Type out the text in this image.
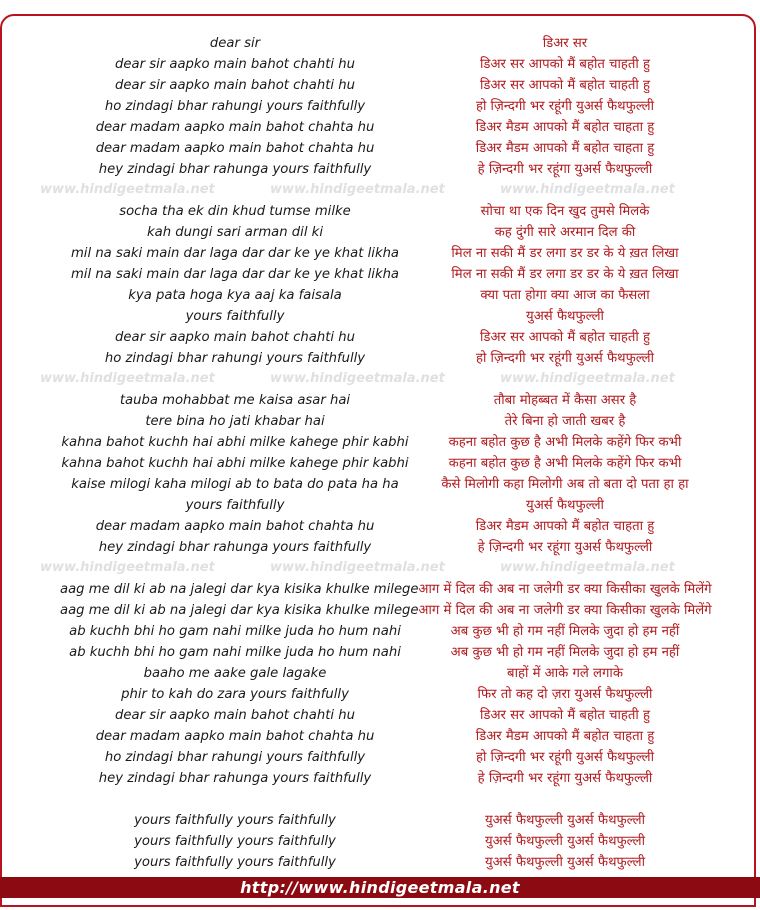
dear sir	डिअर सर
dear sir aapko main bahot chahti hu	डिअर सर आपको मैं बहोत चाहती हु
dear sir aapko main bahot chahti hu	डिअर सर आपको मैं बहोत चाहती हु
ho zindagi bhar rahungi yours faithfully	हो ज़िन्दगी भर रहूंगी युअर्स फैथफुल्ली
dear madam aapko main bahot chahta hu	डिअर मैडम आपको मैं बहोत चाहता हु
dear madam aapko main bahot chahta hu	डिअर मैडम आपको मैं बहोत चाहता हु
hey zindagi bhar rahunga yours faithfully	हे ज़िन्दगी भर रहूंगा युअर्स फैथफुल्ली
socha tha ek din khud tumse milke	सोचा था एक दिन खुद तुमसे मिलके
kah dungi sari arman dil ki	कह दुंगी सारे अरमान दिल की
mil na saki main dar laga dar dar ke ye khat likha	मिल ना सकी मैं डर लगा डर डर के ये ख़त लिखा
mil na saki main dar laga dar dar ke ye khat likha	मिल ना सकी मैं डर लगा डर डर के ये ख़त लिखा
kya pata hoga kya aaj ka faisala	क्या पता होगा क्या आज का फैसला
yours faithfully	युअर्स फैथफुल्ली
dear sir aapko main bahot chahti hu	डिअर सर आपको मैं बहोत चाहती हु
ho zindagi bhar rahungi yours faithfully	हो ज़िन्दगी भर रहूंगी युअर्स फैथफुल्ली
tauba mohabbat me kaisa asar hai	तौबा मोहब्बत में कैसा असर है
tere bina ho jati khabar hai	तेरे बिना हो जाती खबर है
kahna bahot kuchh hai abhi milke kahege phir kabhi	कहना बहोत कुछ है अभी मिलके कहेंगे फिर कभी
kahna bahot kuchh hai abhi milke kahege phir kabhi	कहना बहोत कुछ है अभी मिलके कहेंगे फिर कभी
kaise milogi kaha milogi ab to bata do pata ha ha	कैसे मिलोगी कहा मिलोगी अब तो बता दो पता हा हा
yours faithfully	युअर्स फैथफुल्ली
dear madam aapko main bahot chahta hu	डिअर मैडम आपको मैं बहोत चाहता हु
hey zindagi bhar rahunga yours faithfully	हे ज़िन्दगी भर रहूंगा युअर्स फैथफुल्ली
aag me dil ki ab na jalegi dar kya kisika khulke milege आग में दिल की अब ना जलेगी डर क्या किसीका खुलके मिलेंगे
aag me dil ki ab na jalegi dar kya kisika khulke milege आग में दिल की अब ना जलेगी डर क्या किसीका खुलके मिलेंगे
ab kuchh bhi ho gam nahi milke juda ho hum nahi	अब कुछ भी हो गम नहीं मिलके जुदा हो हम नहीं
ab kuchh bhi ho gam nahi milke juda ho hum nahi	अब कुछ भी हो गम नहीं मिलके जुदा हो हम नहीं
baaho me aake gale lagake	बाहों में आके गले लगाके
phir to kah do zara yours faithfully	फिर तो कह दो ज़रा युअर्स फैथफुल्ली
dear sir aapko main bahot chahti hu	डिअर सर आपको मैं बहोत चाहती हु
dear madam aapko main bahot chahta hu	डिअर मैडम आपको मैं बहोत चाहता हु
ho zindagi bhar rahungi yours faithfully	हो ज़िन्दगी भर रहूंगी युअर्स फैथफुल्ली
hey zindagi bhar rahunga yours faithfully	हे ज़िन्दगी भर रहूंगा युअर्स फैथफुल्ली
yours faithfully yours faithfully	युअर्स फैथफुल्ली युअर्स फैथफुल्ली
yours faithfully yours faithfully	युअर्स फैथफुल्ली युअर्स फैथफुल्ली
yours faithfully yours faithfully	युअर्स फैथफुल्ली युअर्स फैथफुल्ली
www.hindigeetmala.net	www.hindigeetmala.net	www.hindigeetmala.net
www.hindigeetmala.net	www.hindigeetmala.net	www.hindigeetmala.net
www.hindigeetmala.net	www.hindigeetmala.net	www.hindigeetmala.net
http://www.hindigeetmala.net
